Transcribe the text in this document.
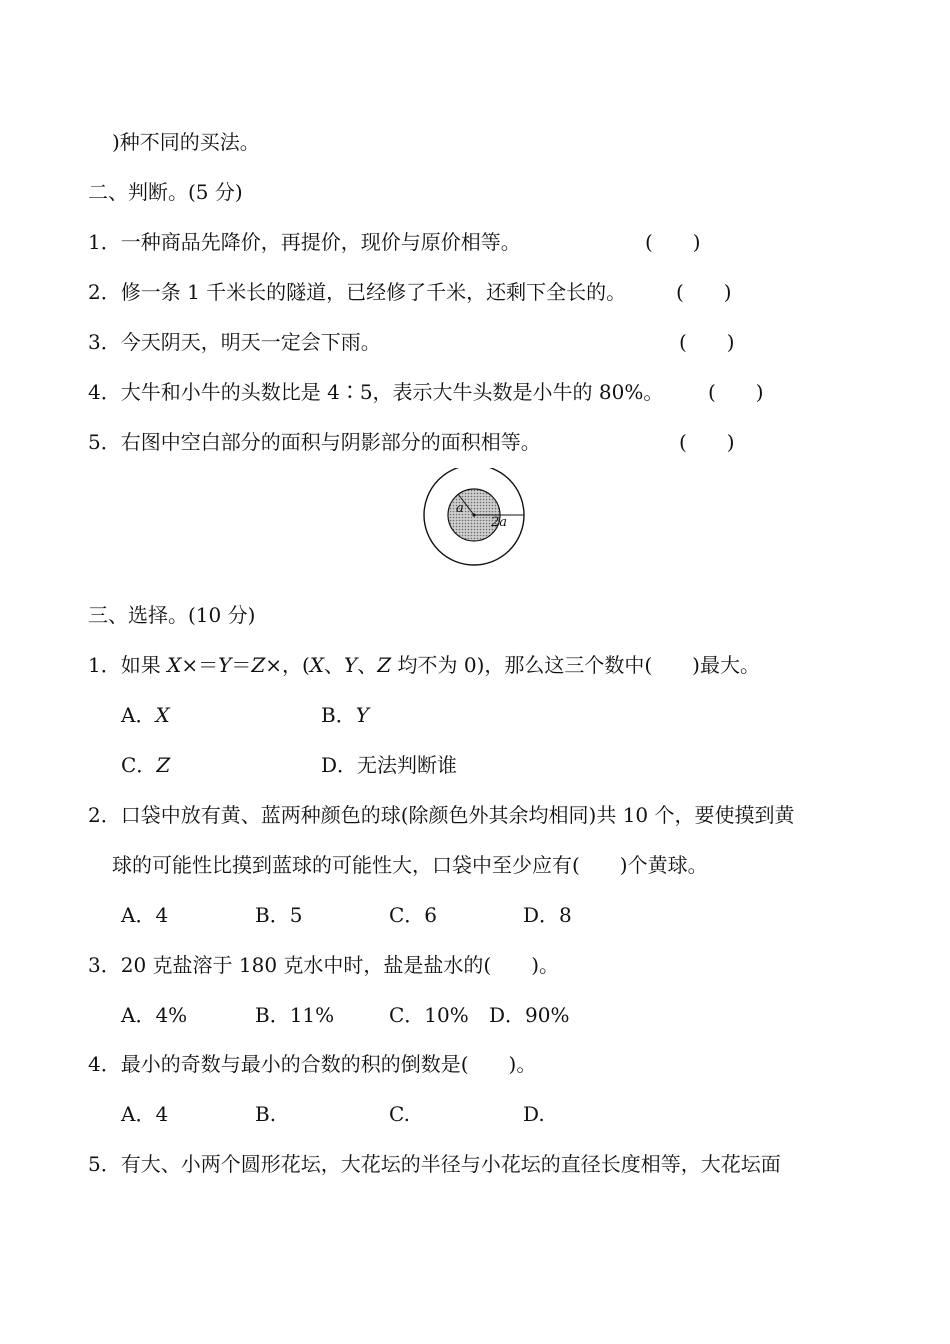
)种不同的买法。
二、判断。(5 分)
1．一种商品先降价，再提价，现价与原价相等。	(　　)
2．修一条 1 千米长的隧道，已经修了千米，还剩下全长的。 (　　)
3．今天阴天，明天一定会下雨。	(　　)
4．大牛和小牛的头数比是 4∶5，表示大牛头数是小牛的 80%。 (　　)
5．右图中空白部分的面积与阴影部分的面积相等。	(　　)
a
2a
三、选择。(10 分)
1．如果 X×＝Y＝Z×，(X、Y、Z 均不为 0)，那么这三个数中(　　)最大。
A．X	B．Y
C．Z	D．无法判断谁
2．口袋中放有黄、蓝两种颜色的球(除颜色外其余均相同)共 10 个，要使摸到黄
球的可能性比摸到蓝球的可能性大，口袋中至少应有(　　)个黄球。
A．4	B．5	C．6	D．8
3．20 克盐溶于 180 克水中时，盐是盐水的(　　)。
A．4%	B．11%	C．10% D．90%
4．最小的奇数与最小的合数的积的倒数是(　　)。
A．4	B.	C.	D.
5．有大、小两个圆形花坛，大花坛的半径与小花坛的直径长度相等，大花坛面
